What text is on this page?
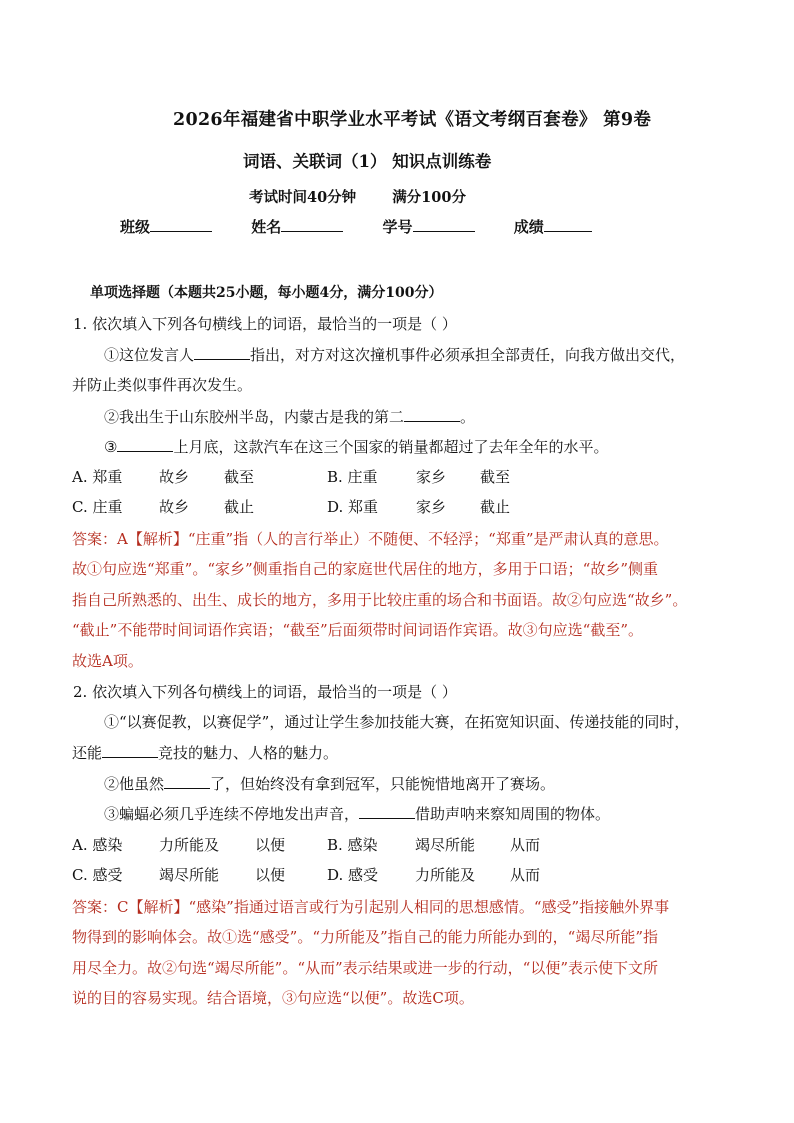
2026年福建省中职学业水平考试《语文考纲百套卷》 第9卷
词语、关联词（1） 知识点训练卷
考试时间40分钟 满分100分
班级	姓名	学号	成绩
单项选择题（本题共25小题，每小题4分，满分100分）
1. 依次填入下列各句横线上的词语，最恰当的一项是（ ）
①这位发言人	指出，对方对这次撞机事件必须承担全部责任，向我方做出交代，
并防止类似事件再次发生。
②我出生于山东胶州半岛，内蒙古是我的第二	。
③	上月底，这款汽车在这三个国家的销量都超过了去年全年的水平。
A. 郑重 故乡 截至	B. 庄重	家乡 截至
C. 庄重 故乡 截止	D. 郑重	家乡 截止
答案：A【解析】“庄重”指（人的言行举止）不随便、不轻浮；“郑重”是严肃认真的意思。
故①句应选“郑重”。“家乡”侧重指自己的家庭世代居住的地方，多用于口语；“故乡”侧重
指自己所熟悉的、出生、成长的地方，多用于比较庄重的场合和书面语。故②句应选“故乡”。
“截止”不能带时间词语作宾语；“截至”后面须带时间词语作宾语。故③句应选“截至”。
故选A项。
2. 依次填入下列各句横线上的词语，最恰当的一项是（ ）
①“以赛促教，以赛促学”，通过让学生参加技能大赛，在拓宽知识面、传递技能的同时，
还能	竞技的魅力、人格的魅力。
②他虽然	了，但始终没有拿到冠军，只能惋惜地离开了赛场。
③蝙蝠必须几乎连续不停地发出声音，	借助声呐来察知周围的物体。
A. 感染 力所能及 以便	B. 感染 竭尽所能 从而
C. 感受 竭尽所能 以便	D. 感受 力所能及 从而
答案：C【解析】“感染”指通过语言或行为引起别人相同的思想感情。“感受”指接触外界事
物得到的影响体会。故①选“感受”。“力所能及”指自己的能力所能办到的，“竭尽所能”指
用尽全力。故②句选“竭尽所能”。“从而”表示结果或进一步的行动，“以便”表示使下文所
说的目的容易实现。结合语境，③句应选“以便”。故选C项。
